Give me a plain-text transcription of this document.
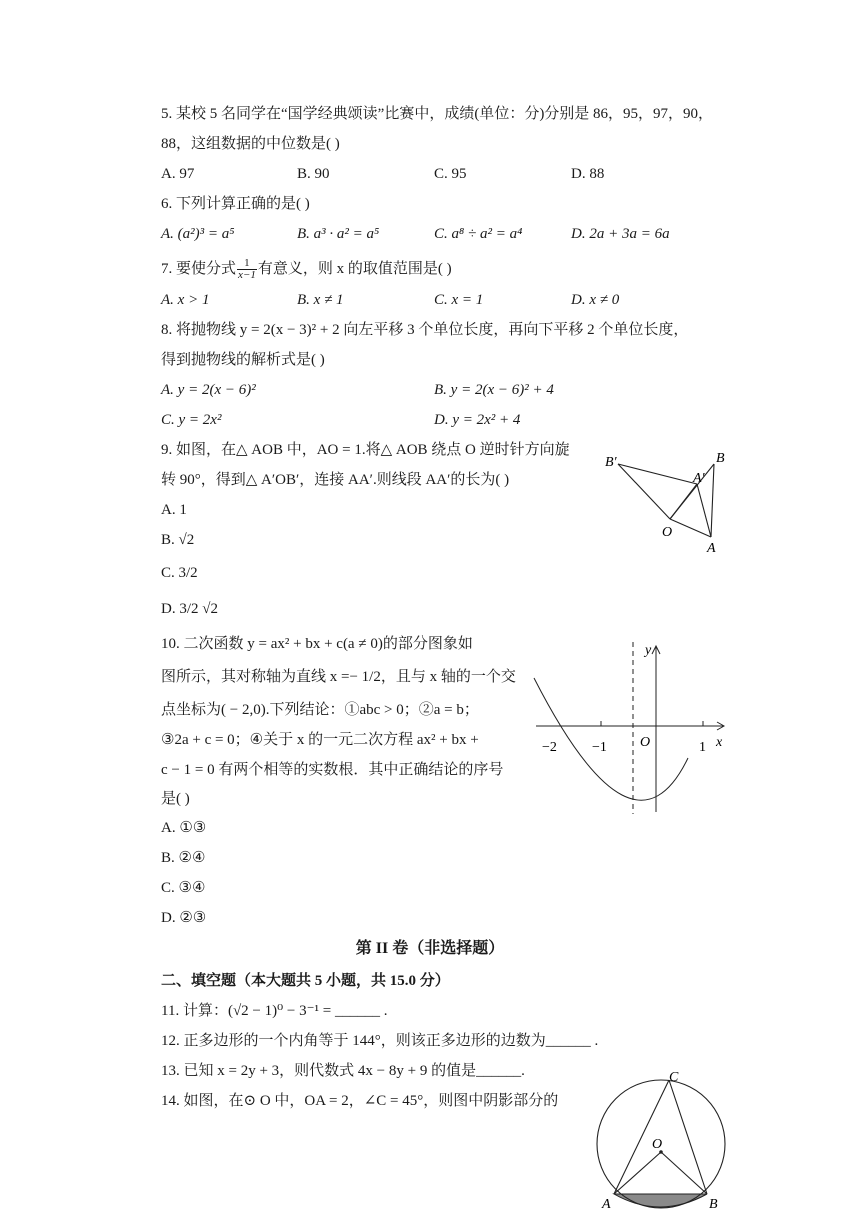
5. 某校 5 名同学在“国学经典颂读”比赛中，成绩(单位：分)分别是 86，95，97，90，
88，这组数据的中位数是( )
A. 97	B. 90	C. 95	D. 88
6. 下列计算正确的是( )
A. (a²)³ = a⁵	B. a³ · a² = a⁵	C. a⁸ ÷ a² = a⁴	D. 2a + 3a = 6a
7. 要使分式 $\frac{1}{x-1}$ 有意义，则 x 的取值范围是( )
A. x > 1	B. x ≠ 1	C. x = 1	D. x ≠ 0
8. 将抛物线 y = 2(x − 3)² + 2 向左平移 3 个单位长度，再向下平移 2 个单位长度，
得到抛物线的解析式是( )
A. y = 2(x − 6)²	B. y = 2(x − 6)² + 4
C. y = 2x²	D. y = 2x² + 4
9. 如图，在△ AOB 中，AO = 1.将△ AOB 绕点 O 逆时针方向旋
转 90°，得到△ A′OB′，连接 AA′.则线段 AA′的长为( )
A. 1
B. √2
C. 3/2
D. 3/2 √2
B′
A′
B
O
A
10. 二次函数 y = ax² + bx + c(a ≠ 0)的部分图象如
图所示，其对称轴为直线 x =− 1/2，且与 x 轴的一个交
点坐标为( − 2,0).下列结论：①abc > 0；②a = b；
③2a + c = 0；④关于 x 的一元二次方程 ax² + bx +
c − 1 = 0 有两个相等的实数根．其中正确结论的序号
是( )
A. ①③
B. ②④
C. ③④
D. ②③
y
x
O
−2	−1	1
第 II 卷（非选择题）
二、填空题（本大题共 5 小题，共 15.0 分）
11. 计算：(√2 − 1)⁰ − 3⁻¹ = ______ .
12. 正多边形的一个内角等于 144°，则该正多边形的边数为______ .
13. 已知 x = 2y + 3，则代数式 4x − 8y + 9 的值是______.
14. 如图，在⊙ O 中，OA = 2，∠C = 45°，则图中阴影部分的
C
O
A	B
